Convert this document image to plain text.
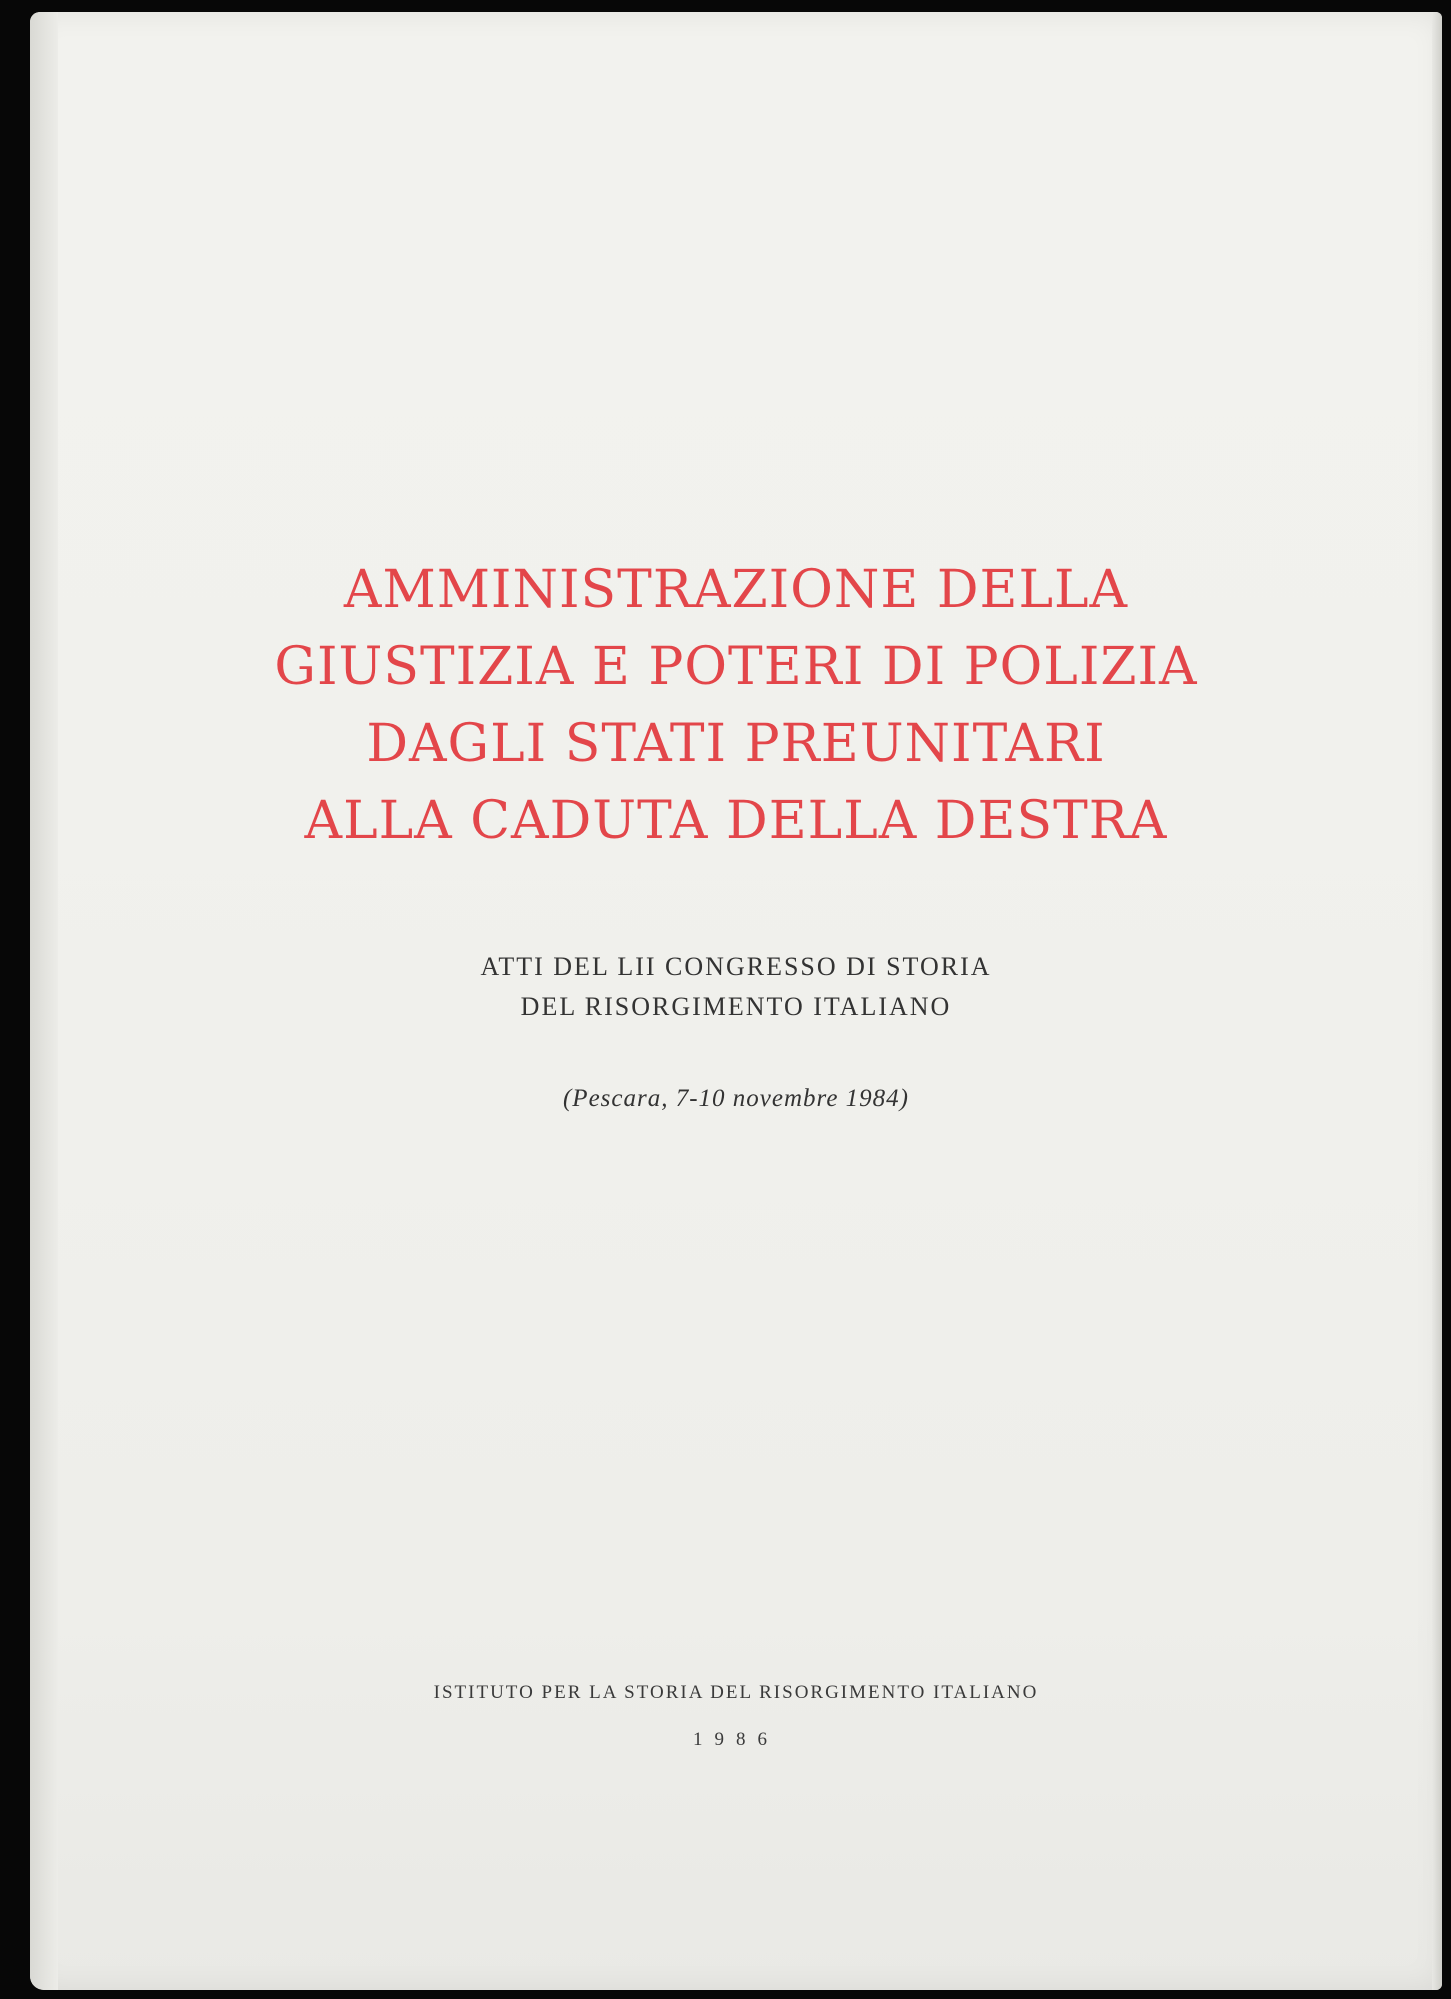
AMMINISTRAZIONE DELLA
GIUSTIZIA E POTERI DI POLIZIA
DAGLI STATI PREUNITARI
ALLA CADUTA DELLA DESTRA
ATTI DEL LII CONGRESSO DI STORIA
DEL RISORGIMENTO ITALIANO
(Pescara, 7-10 novembre 1984)
ISTITUTO PER LA STORIA DEL RISORGIMENTO ITALIANO
1986
